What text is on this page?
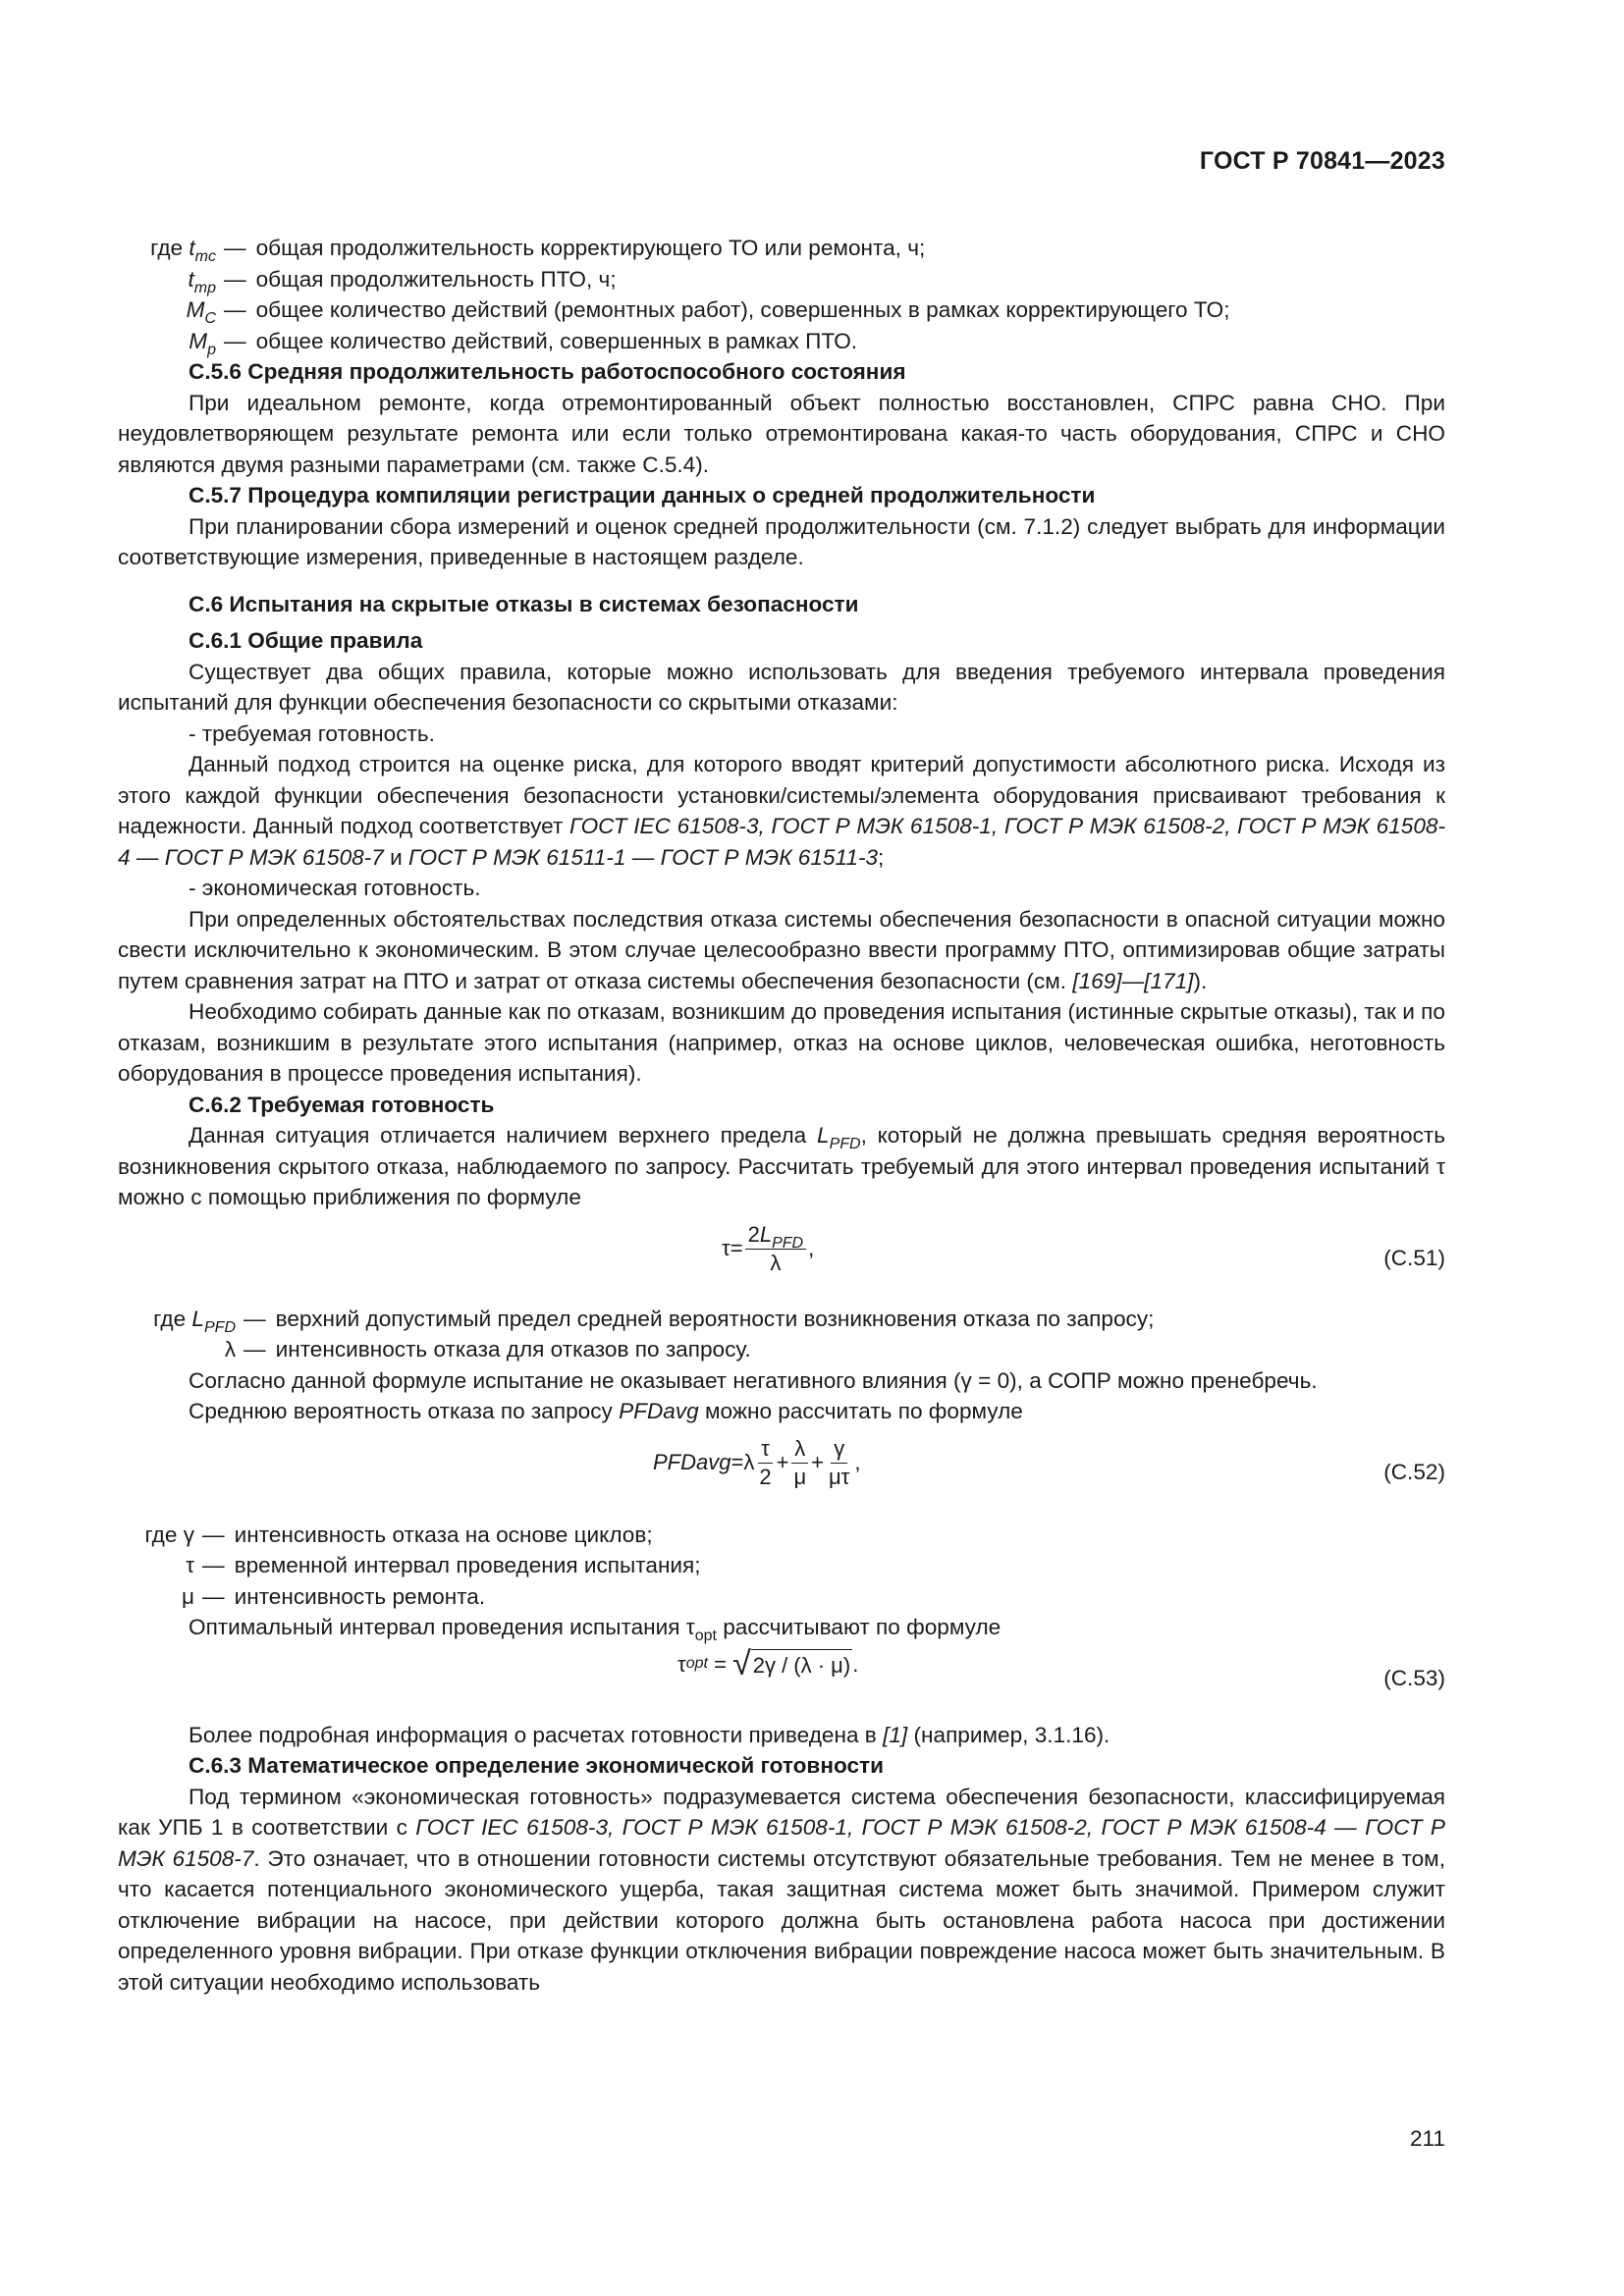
ГОСТ Р 70841—2023
где $t_{mc}$ — общая продолжительность корректирующего ТО или ремонта, ч;
$t_{mp}$ — общая продолжительность ПТО, ч;
$M_C$ — общее количество действий (ремонтных работ), совершенных в рамках корректирующего ТО;
$M_p$ — общее количество действий, совершенных в рамках ПТО.

С.5.6 Средняя продолжительность работоспособного состояния

При идеальном ремонте, когда отремонтированный объект полностью восстановлен, СПРС равна СНО. При неудовлетворяющем результате ремонта или если только отремонтирована какая-то часть оборудования, СПРС и СНО являются двумя разными параметрами (см. также С.5.4).

С.5.7 Процедура компиляции регистрации данных о средней продолжительности

При планировании сбора измерений и оценок средней продолжительности (см. 7.1.2) следует выбрать для информации соответствующие измерения, приведенные в настоящем разделе.

С.6 Испытания на скрытые отказы в системах безопасности

С.6.1 Общие правила

Существует два общих правила, которые можно использовать для введения требуемого интервала проведения испытаний для функции обеспечения безопасности со скрытыми отказами:

- требуемая готовность.

Данный подход строится на оценке риска, для которого вводят критерий допустимости абсолютного риска. Исходя из этого каждой функции обеспечения безопасности установки/системы/элемента оборудования присваивают требования к надежности. Данный подход соответствует ГОСТ IEC 61508-3, ГОСТ Р МЭК 61508-1, ГОСТ Р МЭК 61508-2, ГОСТ Р МЭК 61508-4 — ГОСТ Р МЭК 61508-7 и ГОСТ Р МЭК 61511-1 — ГОСТ Р МЭК 61511-3;

- экономическая готовность.

При определенных обстоятельствах последствия отказа системы обеспечения безопасности в опасной ситуации можно свести исключительно к экономическим. В этом случае целесообразно ввести программу ПТО, оптимизировав общие затраты путем сравнения затрат на ПТО и затрат от отказа системы обеспечения безопасности (см. [169]—[171]).

Необходимо собирать данные как по отказам, возникшим до проведения испытания (истинные скрытые отказы), так и по отказам, возникшим в результате этого испытания (например, отказ на основе циклов, человеческая ошибка, неготовность оборудования в процессе проведения испытания).

С.6.2 Требуемая готовность

Данная ситуация отличается наличием верхнего предела $L_{PFD}$, который не должна превышать средняя вероятность возникновения скрытого отказа, наблюдаемого по запросу. Рассчитать требуемый для этого интервал проведения испытаний τ можно с помощью приближения по формуле

$\tau = \frac{2L_{PFD}}{\lambda}$ ,	(С.51)
где $L_{PFD}$ — верхний допустимый предел средней вероятности возникновения отказа по запросу;
λ — интенсивность отказа для отказов по запросу.

Согласно данной формуле испытание не оказывает негативного влияния (γ = 0), а СОПР можно пренебречь.

Среднюю вероятность отказа по запросу PFDavg можно рассчитать по формуле

PFDavg = λ $\frac{\tau}{2} + \frac{\lambda}{\mu} + \frac{\gamma}{\mu\tau}$ ,	(С.52)
где γ — интенсивность отказа на основе циклов;
τ — временной интервал проведения испытания;
μ — интенсивность ремонта.

Оптимальный интервал проведения испытания $\tau_{opt}$ рассчитывают по формуле

τ opt
=
√ 2γ / (λ · μ) .
(С.53)

Более подробная информация о расчетах готовности приведена в [1] (например, 3.1.16).

С.6.3 Математическое определение экономической готовности

Под термином «экономическая готовность» подразумевается система обеспечения безопасности, классифицируемая как УПБ 1 в соответствии с ГОСТ IEC 61508-3, ГОСТ Р МЭК 61508-1, ГОСТ Р МЭК 61508-2, ГОСТ Р МЭК 61508-4 — ГОСТ Р МЭК 61508-7. Это означает, что в отношении готовности системы отсутствуют обязательные требования. Тем не менее в том, что касается потенциального экономического ущерба, такая защитная система может быть значимой. Примером служит отключение вибрации на насосе, при действии которого должна быть остановлена работа насоса при достижении определенного уровня вибрации. При отказе функции отключения вибрации повреждение насоса может быть значительным. В этой ситуации необходимо использовать

211
